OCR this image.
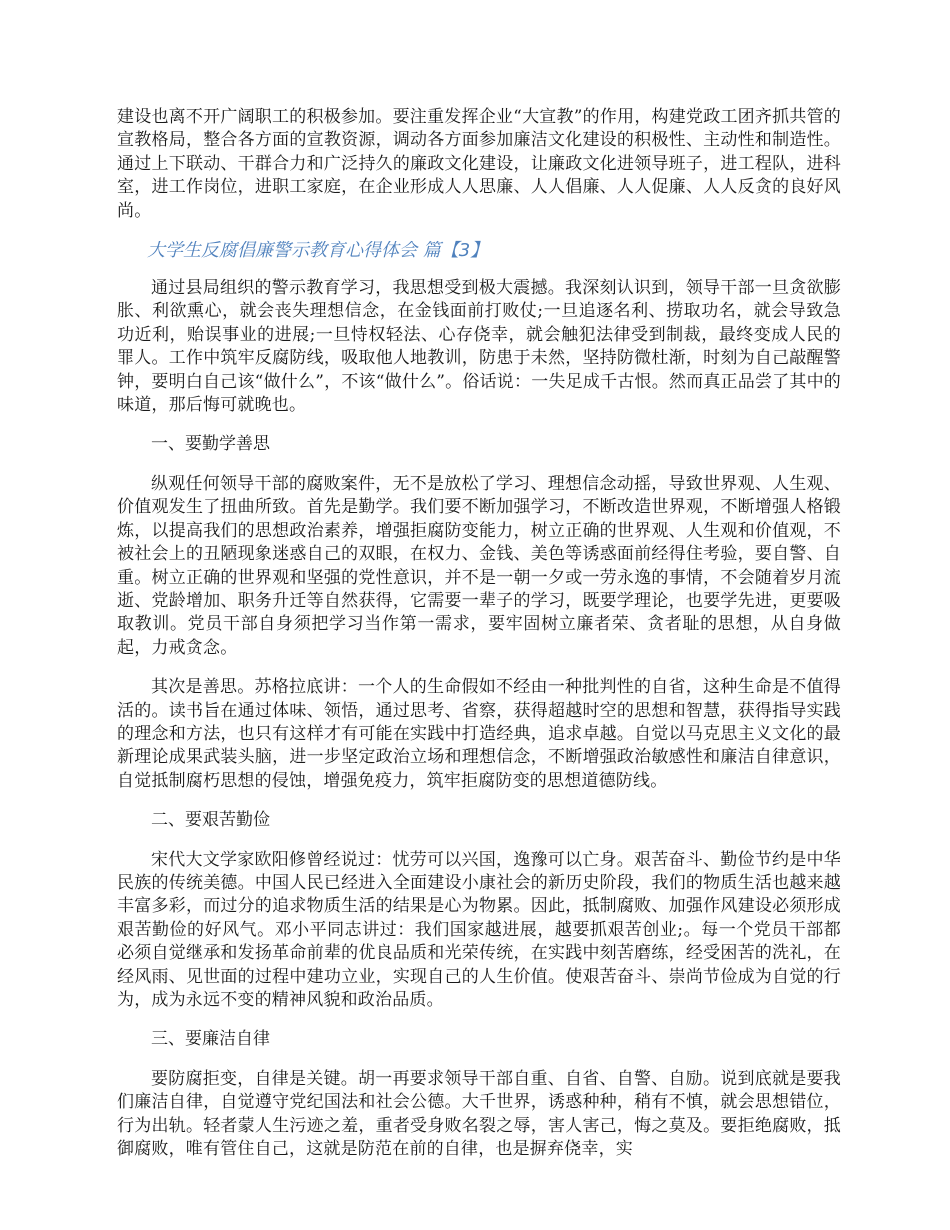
建设也离不开广阔职工的积极参加。要注重发挥企业“大宣教”的作用，构建党政工团齐抓共管的宣教格局，整合各方面的宣教资源，调动各方面参加廉洁文化建设的积极性、主动性和制造性。通过上下联动、干群合力和广泛持久的廉政文化建设，让廉政文化进领导班子，进工程队，进科室，进工作岗位，进职工家庭，在企业形成人人思廉、人人倡廉、人人促廉、人人反贪的良好风尚。

大学生反腐倡廉警示教育心得体会 篇【3】

通过县局组织的警示教育学习，我思想受到极大震撼。我深刻认识到，领导干部一旦贪欲膨胀、利欲熏心，就会丧失理想信念，在金钱面前打败仗;一旦追逐名利、捞取功名，就会导致急功近利，贻误事业的进展;一旦恃权轻法、心存侥幸，就会触犯法律受到制裁，最终变成人民的罪人。工作中筑牢反腐防线，吸取他人地教训，防患于未然，坚持防微杜渐，时刻为自己敲醒警钟，要明白自己该“做什么”，不该“做什么”。俗话说：一失足成千古恨。然而真正品尝了其中的味道，那后悔可就晚也。

一、要勤学善思

纵观任何领导干部的腐败案件，无不是放松了学习、理想信念动摇，导致世界观、人生观、价值观发生了扭曲所致。首先是勤学。我们要不断加强学习，不断改造世界观，不断增强人格锻炼，以提高我们的思想政治素养，增强拒腐防变能力，树立正确的世界观、人生观和价值观，不被社会上的丑陋现象迷惑自己的双眼，在权力、金钱、美色等诱惑面前经得住考验，要自警、自重。树立正确的世界观和坚强的党性意识，并不是一朝一夕或一劳永逸的事情，不会随着岁月流逝、党龄增加、职务升迁等自然获得，它需要一辈子的学习，既要学理论，也要学先进，更要吸取教训。党员干部自身须把学习当作第一需求，要牢固树立廉者荣、贪者耻的思想，从自身做起，力戒贪念。

其次是善思。苏格拉底讲：一个人的生命假如不经由一种批判性的自省，这种生命是不值得活的。读书旨在通过体味、领悟，通过思考、省察，获得超越时空的思想和智慧，获得指导实践的理念和方法，也只有这样才有可能在实践中打造经典，追求卓越。自觉以马克思主义文化的最新理论成果武装头脑，进一步坚定政治立场和理想信念，不断增强政治敏感性和廉洁自律意识，自觉抵制腐朽思想的侵蚀，增强免疫力，筑牢拒腐防变的思想道德防线。

二、要艰苦勤俭

宋代大文学家欧阳修曾经说过：忧劳可以兴国，逸豫可以亡身。艰苦奋斗、勤俭节约是中华民族的传统美德。中国人民已经进入全面建设小康社会的新历史阶段，我们的物质生活也越来越丰富多彩，而过分的追求物质生活的结果是心为物累。因此，抵制腐败、加强作风建设必须形成艰苦勤俭的好风气。邓小平同志讲过：我们国家越进展，越要抓艰苦创业;。每一个党员干部都必须自觉继承和发扬革命前辈的优良品质和光荣传统，在实践中刻苦磨练，经受困苦的洗礼，在经风雨、见世面的过程中建功立业，实现自己的人生价值。使艰苦奋斗、崇尚节俭成为自觉的行为，成为永远不变的精神风貌和政治品质。

三、要廉洁自律

要防腐拒变，自律是关键。胡一再要求领导干部自重、自省、自警、自励。说到底就是要我们廉洁自律，自觉遵守党纪国法和社会公德。大千世界，诱惑种种，稍有不慎，就会思想错位，行为出轨。轻者蒙人生污迹之羞，重者受身败名裂之辱，害人害己，悔之莫及。要拒绝腐败，抵御腐败，唯有管住自己，这就是防范在前的自律，也是摒弃侥幸，实
